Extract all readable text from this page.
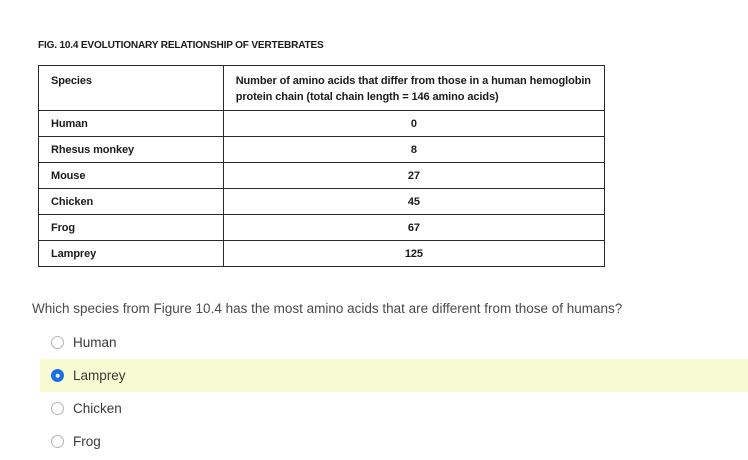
FIG. 10.4 EVOLUTIONARY RELATIONSHIP OF VERTEBRATES
Species	Number of amino acids that differ from those in a human hemoglobin protein chain (total chain length = 146 amino acids)
Human	0
Rhesus monkey	8
Mouse	27
Chicken	45
Frog	67
Lamprey	125
Which species from Figure 10.4 has the most amino acids that are different from those of humans?
Human
Lamprey
Chicken
Frog
